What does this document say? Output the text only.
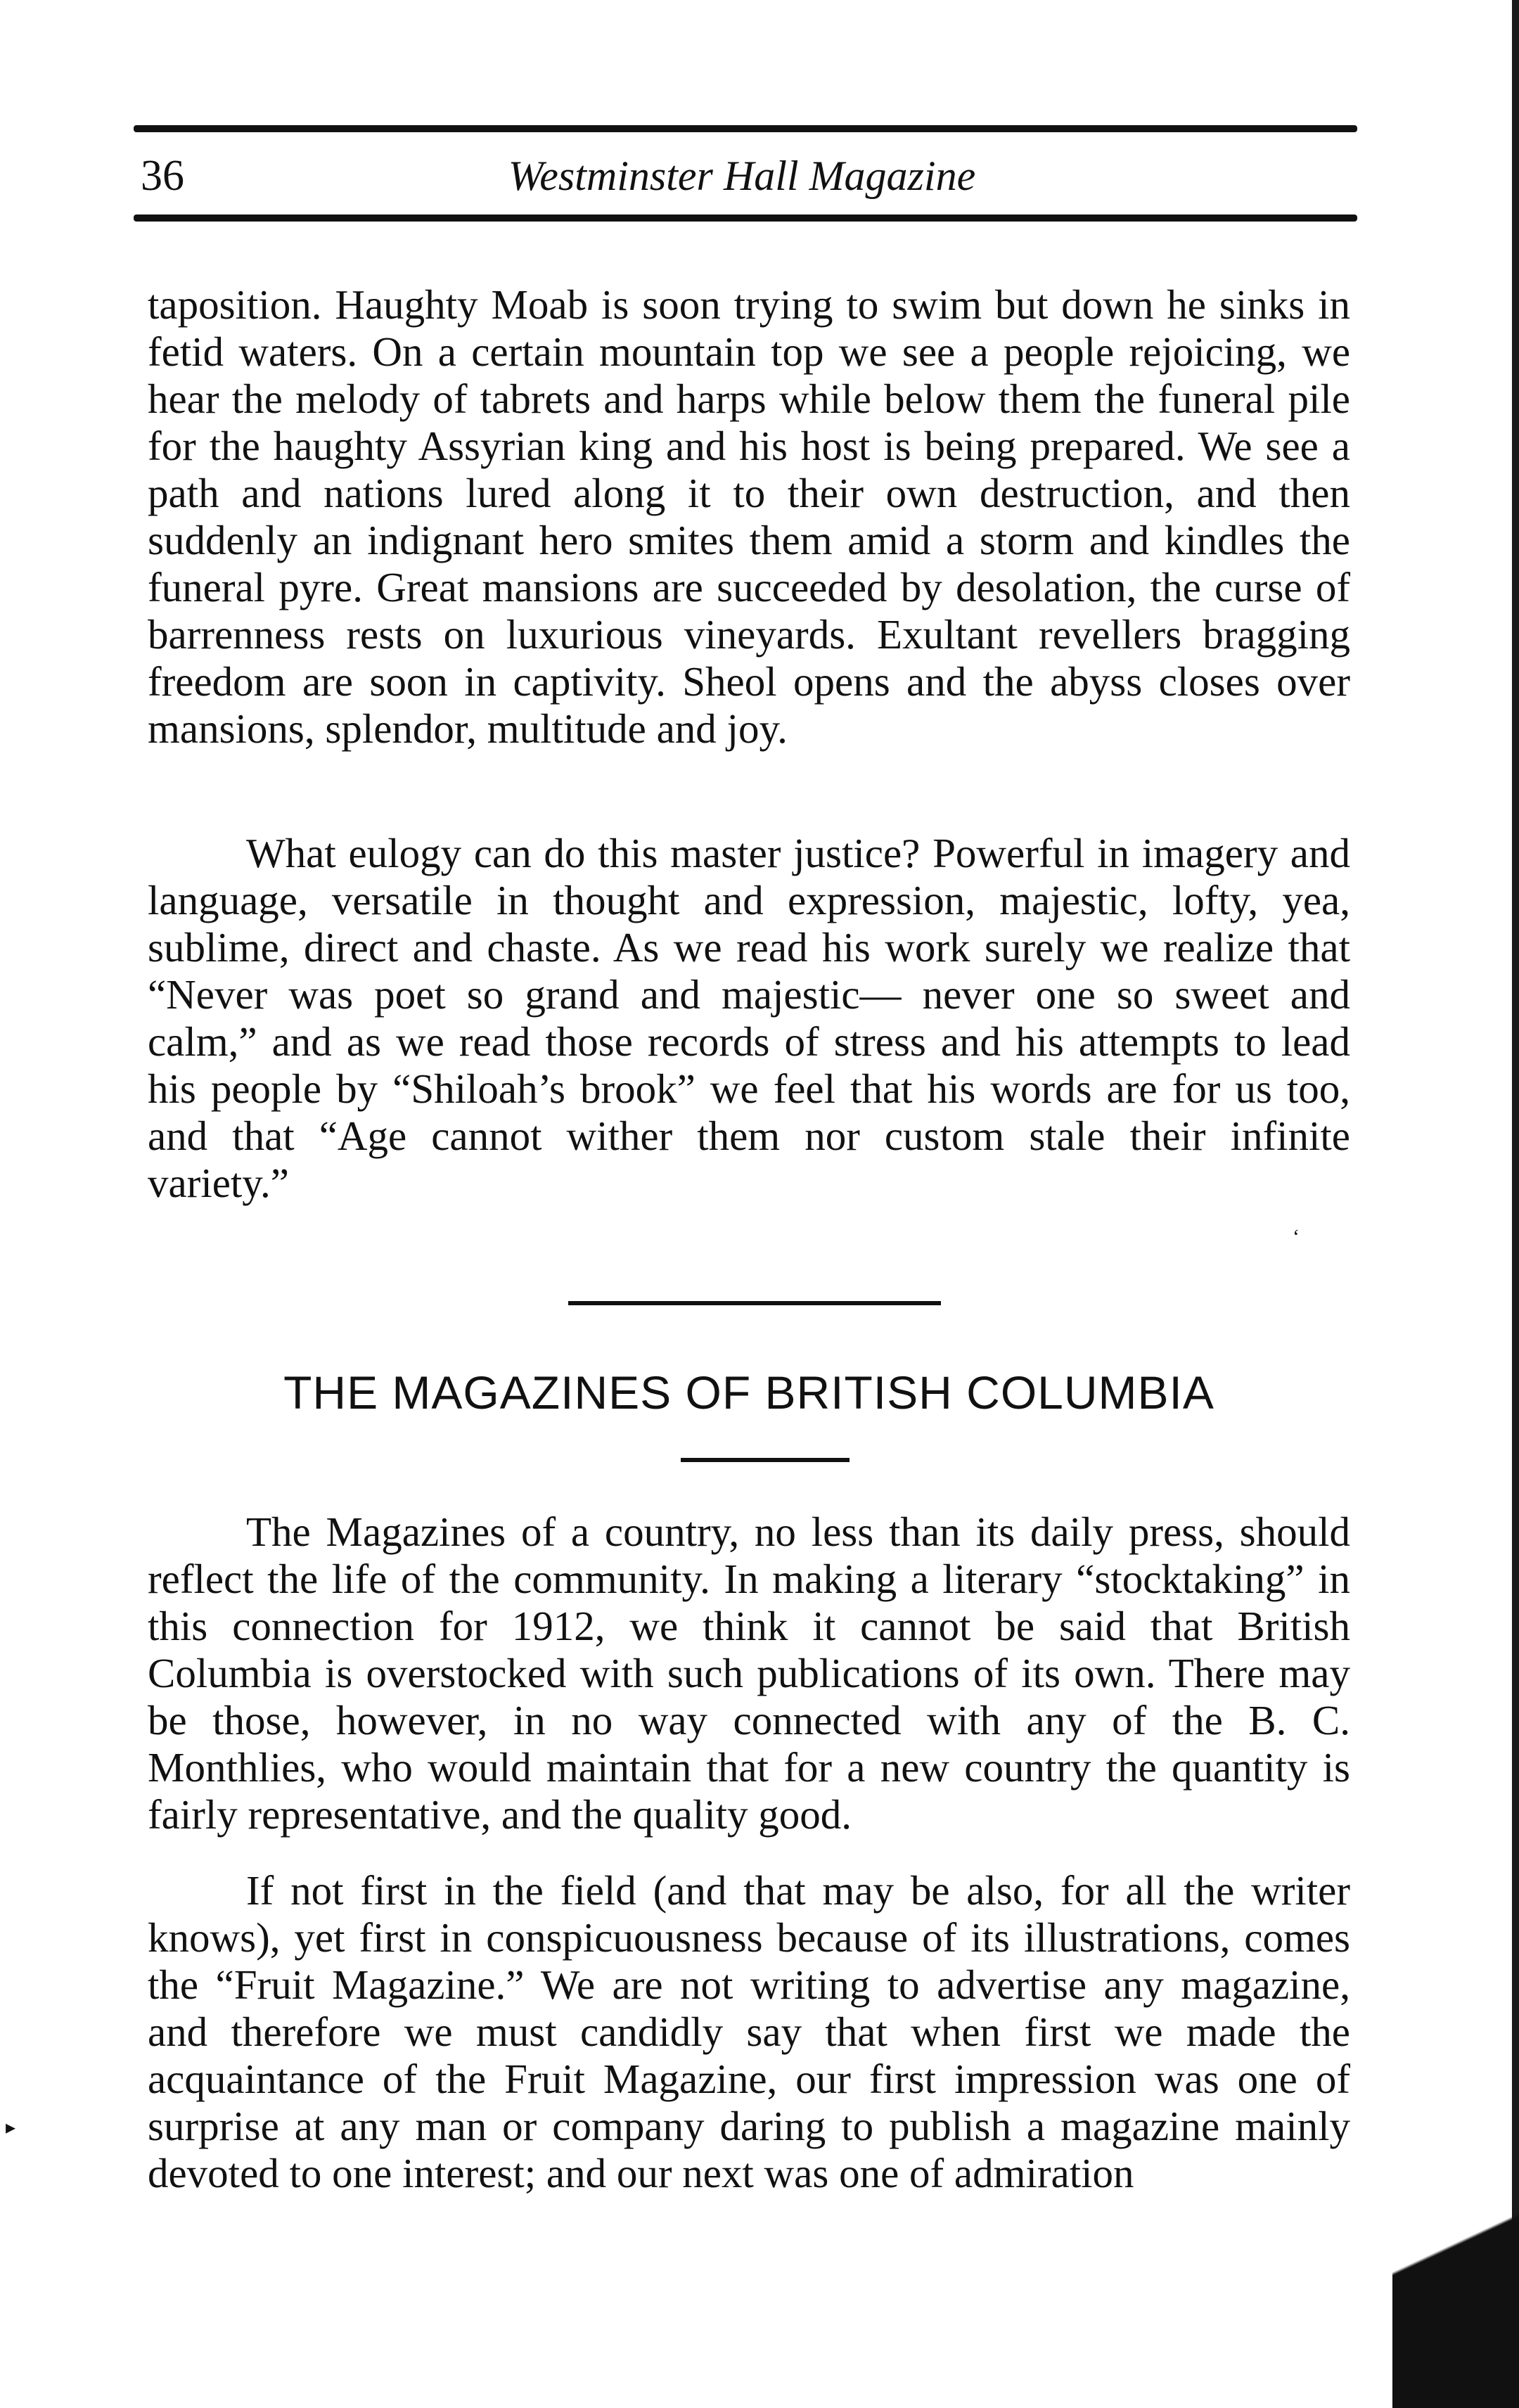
36	Westminster Hall Magazine

taposition. Haughty Moab is soon trying to swim but down he sinks in fetid waters. On a certain mountain top we see a people rejoicing, we hear the melody of tabrets and harps while below them the funeral pile for the haughty Assyrian king and his host is being prepared. We see a path and nations lured along it to their own destruction, and then suddenly an indignant hero smites them amid a storm and kindles the funeral pyre. Great mansions are succeeded by desolation, the curse of barrenness rests on luxurious vineyards. Exultant revellers bragging freedom are soon in captivity. Sheol opens and the abyss closes over mansions, splendor, multitude and joy.

What eulogy can do this master justice? Powerful in imagery and language, versatile in thought and expression, majestic, lofty, yea, sublime, direct and chaste. As we read his work surely we realize that “Never was poet so grand and majestic— never one so sweet and calm,” and as we read those records of stress and his attempts to lead his people by “Shiloah’s brook” we feel that his words are for us too, and that “Age cannot wither them nor custom stale their infinite variety.”

‘
THE MAGAZINES OF BRITISH COLUMBIA

The Magazines of a country, no less than its daily press, should reflect the life of the community. In making a literary “stocktaking” in this connection for 1912, we think it cannot be said that British Columbia is overstocked with such publications of its own. There may be those, however, in no way connected with any of the B. C. Monthlies, who would maintain that for a new country the quantity is fairly representative, and the quality good.

If not first in the field (and that may be also, for all the writer knows), yet first in conspicuousness because of its illustrations, comes the “Fruit Magazine.” We are not writing to advertise any magazine, and therefore we must candidly say that when first we made the acquaintance of the Fruit Magazine, our first impression was one of surprise at any man or company daring to publish a magazine mainly devoted to one interest; and our next was one of admiration

▸
